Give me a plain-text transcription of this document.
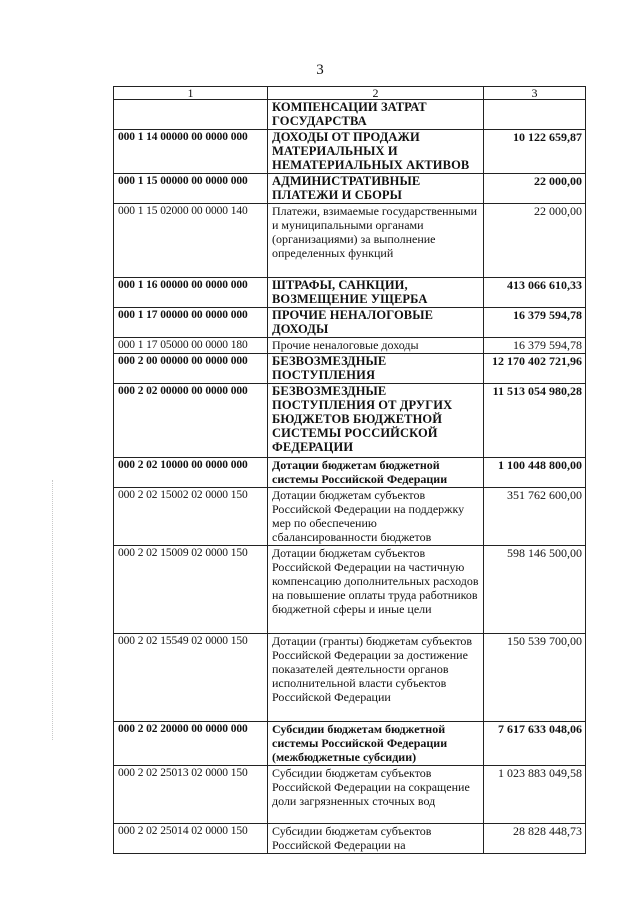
3
1	2	3
	КОМПЕНСАЦИИ ЗАТРАТ ГОСУДАРСТВА	
000 1 14 00000 00 0000 000	ДОХОДЫ ОТ ПРОДАЖИ МАТЕРИАЛЬНЫХ И НЕМАТЕРИАЛЬНЫХ АКТИВОВ	10 122 659,87
000 1 15 00000 00 0000 000	АДМИНИСТРАТИВНЫЕ ПЛАТЕЖИ И СБОРЫ	22 000,00
000 1 15 02000 00 0000 140	Платежи, взимаемые государственными и муниципальными органами (организациями) за выполнение определенных функций	22 000,00
000 1 16 00000 00 0000 000	ШТРАФЫ, САНКЦИИ, ВОЗМЕЩЕНИЕ УЩЕРБА	413 066 610,33
000 1 17 00000 00 0000 000	ПРОЧИЕ НЕНАЛОГОВЫЕ ДОХОДЫ	16 379 594,78
000 1 17 05000 00 0000 180	Прочие неналоговые доходы	16 379 594,78
000 2 00 00000 00 0000 000	БЕЗВОЗМЕЗДНЫЕ ПОСТУПЛЕНИЯ	12 170 402 721,96
000 2 02 00000 00 0000 000	БЕЗВОЗМЕЗДНЫЕ ПОСТУПЛЕНИЯ ОТ ДРУГИХ БЮДЖЕТОВ БЮДЖЕТНОЙ СИСТЕМЫ РОССИЙСКОЙ ФЕДЕРАЦИИ	11 513 054 980,28
000 2 02 10000 00 0000 000	Дотации бюджетам бюджетной системы Российской Федерации	1 100 448 800,00
000 2 02 15002 02 0000 150	Дотации бюджетам субъектов Российской Федерации на поддержку мер по обеспечению сбалансированности бюджетов	351 762 600,00
000 2 02 15009 02 0000 150	Дотации бюджетам субъектов Российской Федерации на частичную компенсацию дополнительных расходов на повышение оплаты труда работников бюджетной сферы и иные цели	598 146 500,00
000 2 02 15549 02 0000 150	Дотации (гранты) бюджетам субъектов Российской Федерации за достижение показателей деятельности органов исполнительной власти субъектов Российской Федерации	150 539 700,00
000 2 02 20000 00 0000 000	Субсидии бюджетам бюджетной системы Российской Федерации (межбюджетные субсидии)	7 617 633 048,06
000 2 02 25013 02 0000 150	Субсидии бюджетам субъектов Российской Федерации на сокращение доли загрязненных сточных вод	1 023 883 049,58
000 2 02 25014 02 0000 150	Субсидии бюджетам субъектов Российской Федерации на	28 828 448,73
